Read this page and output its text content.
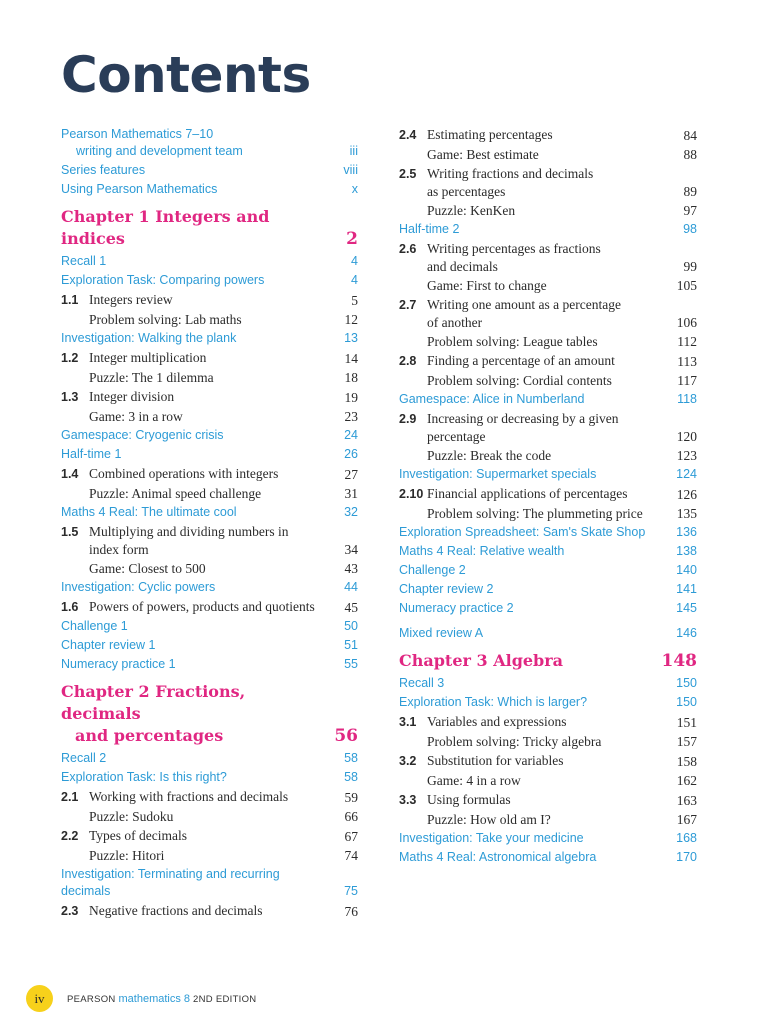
Contents
Pearson Mathematics 7–10
writing and development team	iii
Series features	viii
Using Pearson Mathematics	x
Chapter 1 Integers and indices	2
Recall 1	4
Exploration Task: Comparing powers	4
1.1 Integers review	5
Problem solving: Lab maths	12
Investigation: Walking the plank	13
1.2 Integer multiplication	14
Puzzle: The 1 dilemma	18
1.3 Integer division	19
Game: 3 in a row	23
Gamespace: Cryogenic crisis	24
Half-time 1	26
1.4 Combined operations with integers	27
Puzzle: Animal speed challenge	31
Maths 4 Real: The ultimate cool	32
1.5 Multiplying and dividing numbers in
index form	34
Game: Closest to 500	43
Investigation: Cyclic powers	44
1.6 Powers of powers, products and quotients	45
Challenge 1	50
Chapter review 1	51
Numeracy practice 1	55
Chapter 2 Fractions, decimals
and percentages	56
Recall 2	58
Exploration Task: Is this right?	58
2.1 Working with fractions and decimals	59
Puzzle: Sudoku	66
2.2 Types of decimals	67
Puzzle: Hitori	74
Investigation: Terminating and recurring decimals	75
2.3 Negative fractions and decimals	76
2.4 Estimating percentages	84
Game: Best estimate	88
2.5 Writing fractions and decimals
as percentages	89
Puzzle: KenKen	97
Half-time 2	98
2.6 Writing percentages as fractions
and decimals	99
Game: First to change	105
2.7 Writing one amount as a percentage
of another	106
Problem solving: League tables	112
2.8 Finding a percentage of an amount	113
Problem solving: Cordial contents	117
Gamespace: Alice in Numberland	118
2.9 Increasing or decreasing by a given
percentage	120
Puzzle: Break the code	123
Investigation: Supermarket specials	124
2.10 Financial applications of percentages	126
Problem solving: The plummeting price	135
Exploration Spreadsheet: Sam's Skate Shop	136
Maths 4 Real: Relative wealth	138
Challenge 2	140
Chapter review 2	141
Numeracy practice 2	145
Mixed review A	146
Chapter 3 Algebra	148
Recall 3	150
Exploration Task: Which is larger?	150
3.1 Variables and expressions	151
Problem solving: Tricky algebra	157
3.2 Substitution for variables	158
Game: 4 in a row	162
3.3 Using formulas	163
Puzzle: How old am I?	167
Investigation: Take your medicine	168
Maths 4 Real: Astronomical algebra	170
iv	PEARSON mathematics 8 2ND EDITION
